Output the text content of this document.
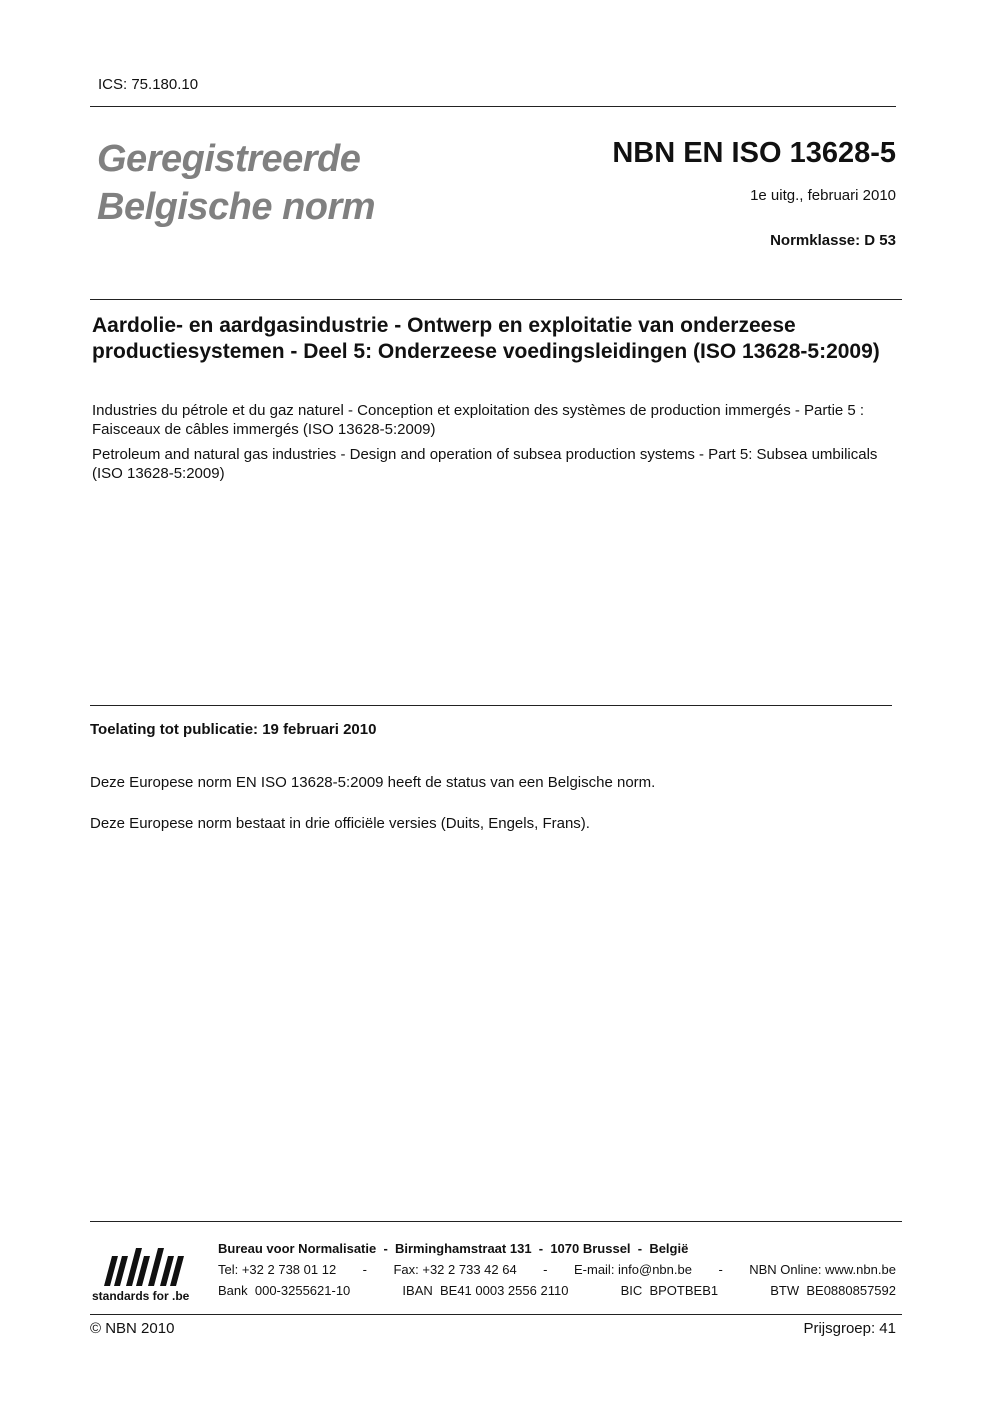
ICS: 75.180.10
Geregistreerde
Belgische norm
NBN EN ISO 13628-5
1e uitg., februari 2010
Normklasse: D 53
Aardolie- en aardgasindustrie - Ontwerp en exploitatie van onderzeese productiesystemen - Deel 5: Onderzeese voedingsleidingen (ISO 13628-5:2009)
Industries du pétrole et du gaz naturel - Conception et exploitation des systèmes de production immergés - Partie 5 : Faisceaux de câbles immergés (ISO 13628-5:2009)
Petroleum and natural gas industries - Design and operation of subsea production systems - Part 5: Subsea umbilicals (ISO 13628-5:2009)
Toelating tot publicatie: 19 februari 2010
Deze Europese norm EN ISO 13628-5:2009 heeft de status van een Belgische norm.
Deze Europese norm bestaat in drie officiële versies (Duits, Engels, Frans).
standards for .be
Bureau voor Normalisatie  -  Birminghamstraat 131  -  1070 Brussel  -  België
Tel: +32 2 738 01 12 - Fax: +32 2 733 42 64 - E-mail: info@nbn.be - NBN Online: www.nbn.be
Bank  000-3255621-10	IBAN  BE41 0003 2556 2110	BIC  BPOTBEB1	BTW  BE0880857592
© NBN 2010	Prijsgroep: 41
